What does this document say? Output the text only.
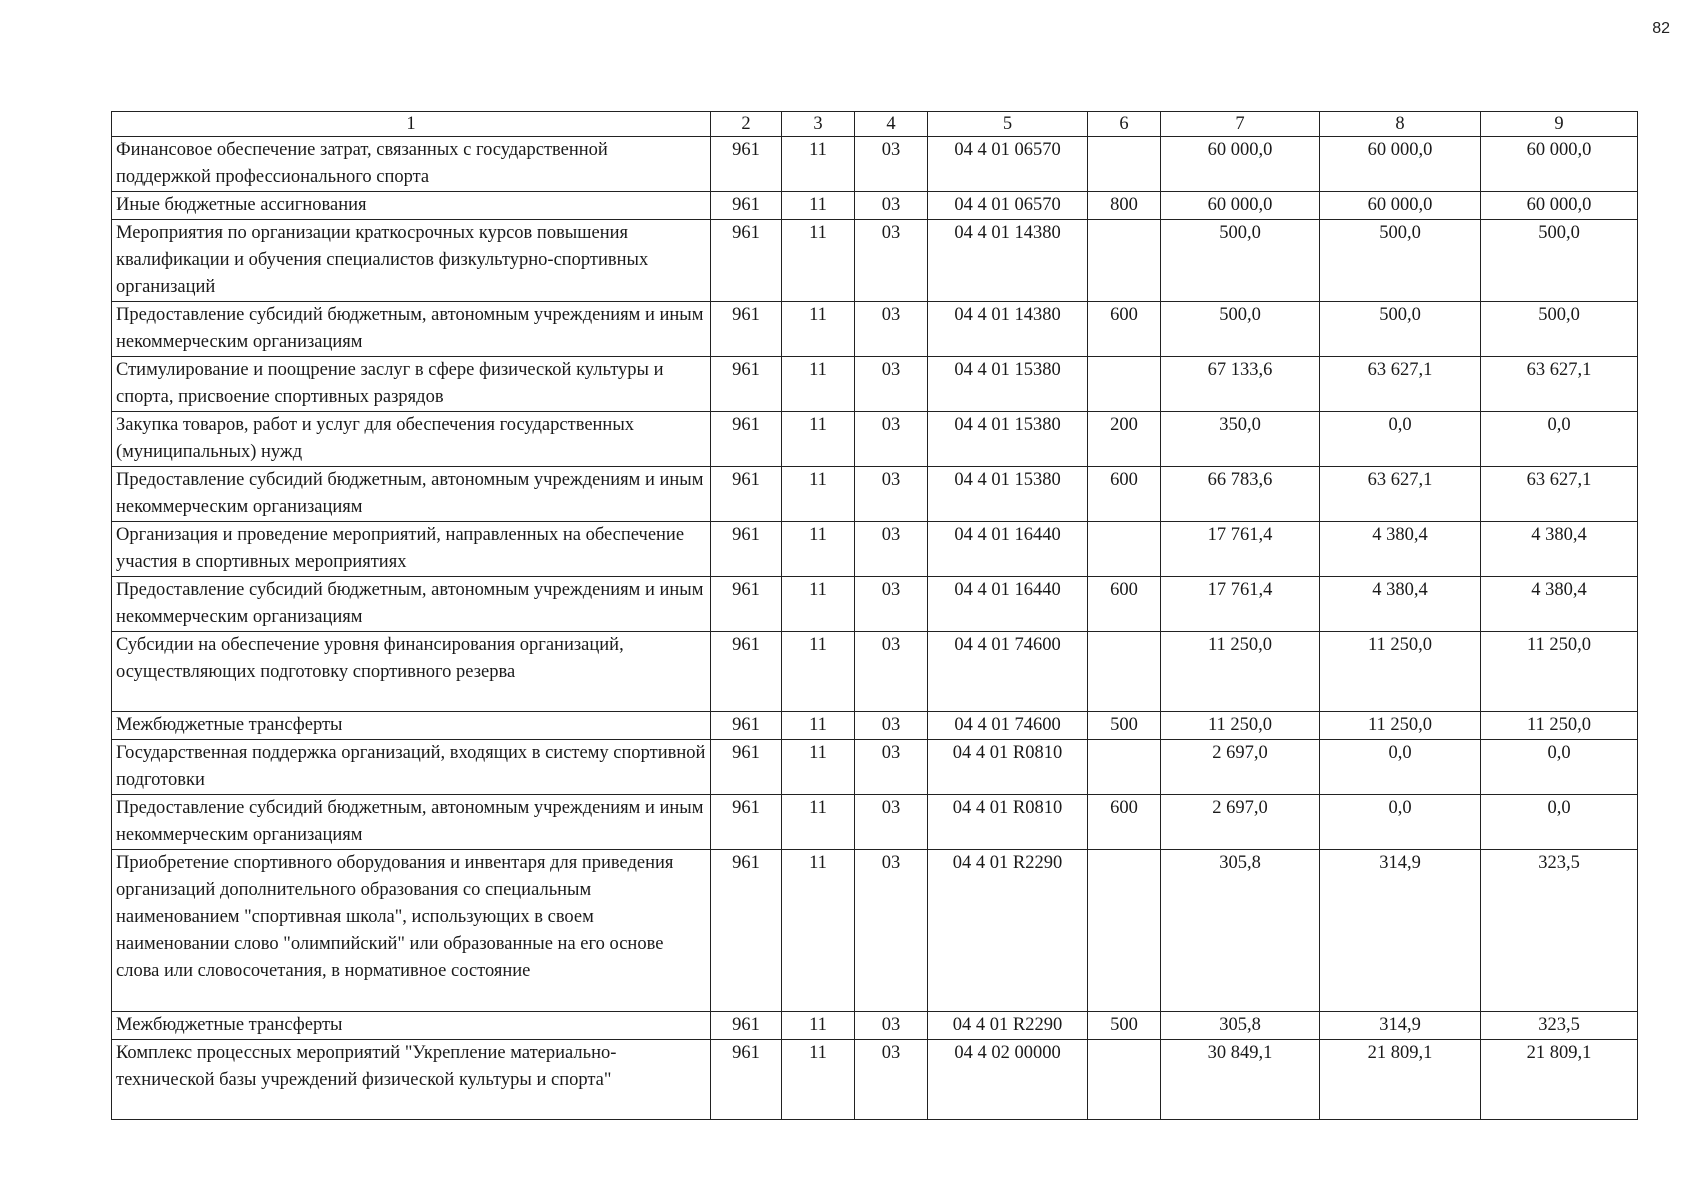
82
1	2	3	4	5	6	7	8	9
Финансовое обеспечение затрат, связанных с государственной поддержкой профессионального спорта	961	11	03	04 4 01 06570		60 000,0	60 000,0	60 000,0
Иные бюджетные ассигнования	961	11	03	04 4 01 06570	800	60 000,0	60 000,0	60 000,0
Мероприятия по организации краткосрочных курсов повышения квалификации и обучения специалистов физкультурно-спортивных организаций	961	11	03	04 4 01 14380		500,0	500,0	500,0
Предоставление субсидий бюджетным, автономным учреждениям и иным некоммерческим организациям	961	11	03	04 4 01 14380	600	500,0	500,0	500,0
Стимулирование и поощрение заслуг в сфере физической культуры и спорта, присвоение спортивных разрядов	961	11	03	04 4 01 15380		67 133,6	63 627,1	63 627,1
Закупка товаров, работ и услуг для обеспечения государственных (муниципальных) нужд	961	11	03	04 4 01 15380	200	350,0	0,0	0,0
Предоставление субсидий бюджетным, автономным учреждениям и иным некоммерческим организациям	961	11	03	04 4 01 15380	600	66 783,6	63 627,1	63 627,1
Организация и проведение мероприятий, направленных на обеспечение участия в спортивных мероприятиях	961	11	03	04 4 01 16440		17 761,4	4 380,4	4 380,4
Предоставление субсидий бюджетным, автономным учреждениям и иным некоммерческим организациям	961	11	03	04 4 01 16440	600	17 761,4	4 380,4	4 380,4
Субсидии на обеспечение уровня финансирования организаций, осуществляющих подготовку спортивного резерва	961	11	03	04 4 01 74600		11 250,0	11 250,0	11 250,0
Межбюджетные трансферты	961	11	03	04 4 01 74600	500	11 250,0	11 250,0	11 250,0
Государственная поддержка организаций, входящих в систему спортивной подготовки	961	11	03	04 4 01 R0810		2 697,0	0,0	0,0
Предоставление субсидий бюджетным, автономным учреждениям и иным некоммерческим организациям	961	11	03	04 4 01 R0810	600	2 697,0	0,0	0,0
Приобретение спортивного оборудования и инвентаря для приведения организаций дополнительного образования со специальным наименованием "спортивная школа", использующих в своем наименовании слово "олимпийский" или образованные на его основе слова или словосочетания, в нормативное состояние	961	11	03	04 4 01 R2290		305,8	314,9	323,5
Межбюджетные трансферты	961	11	03	04 4 01 R2290	500	305,8	314,9	323,5
Комплекс процессных мероприятий "Укрепление материально-технической базы учреждений физической культуры и спорта"	961	11	03	04 4 02 00000		30 849,1	21 809,1	21 809,1
